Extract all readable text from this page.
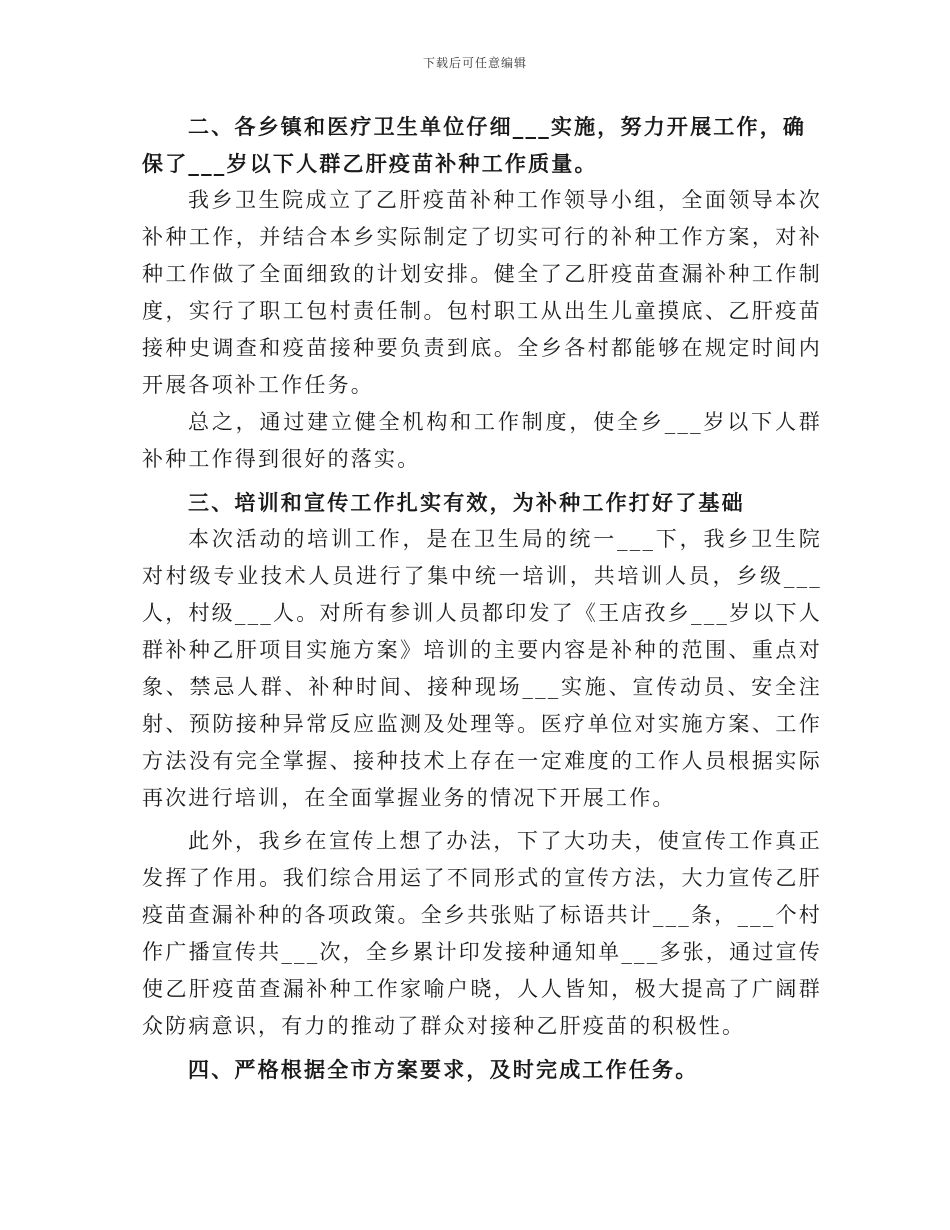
下载后可任意编辑

二、各乡镇和医疗卫生单位仔细___实施，努力开展工作，确保了___岁以下人群乙肝疫苗补种工作质量。

我乡卫生院成立了乙肝疫苗补种工作领导小组，全面领导本次补种工作，并结合本乡实际制定了切实可行的补种工作方案，对补种工作做了全面细致的计划安排。健全了乙肝疫苗查漏补种工作制度，实行了职工包村责任制。包村职工从出生儿童摸底、乙肝疫苗接种史调查和疫苗接种要负责到底。全乡各村都能够在规定时间内开展各项补工作任务。

总之，通过建立健全机构和工作制度，使全乡___岁以下人群补种工作得到很好的落实。

三、培训和宣传工作扎实有效，为补种工作打好了基础

本次活动的培训工作，是在卫生局的统一___下，我乡卫生院对村级专业技术人员进行了集中统一培训，共培训人员，乡级___人，村级___人。对所有参训人员都印发了《王店孜乡___岁以下人群补种乙肝项目实施方案》培训的主要内容是补种的范围、重点对象、禁忌人群、补种时间、接种现场___实施、宣传动员、安全注射、预防接种异常反应监测及处理等。医疗单位对实施方案、工作方法没有完全掌握、接种技术上存在一定难度的工作人员根据实际再次进行培训，在全面掌握业务的情况下开展工作。

此外，我乡在宣传上想了办法，下了大功夫，使宣传工作真正发挥了作用。我们综合用运了不同形式的宣传方法，大力宣传乙肝疫苗查漏补种的各项政策。全乡共张贴了标语共计___条，___个村作广播宣传共___次，全乡累计印发接种通知单___多张，通过宣传使乙肝疫苗查漏补种工作家喻户晓，人人皆知，极大提高了广阔群众防病意识，有力的推动了群众对接种乙肝疫苗的积极性。

四、严格根据全市方案要求，及时完成工作任务。
